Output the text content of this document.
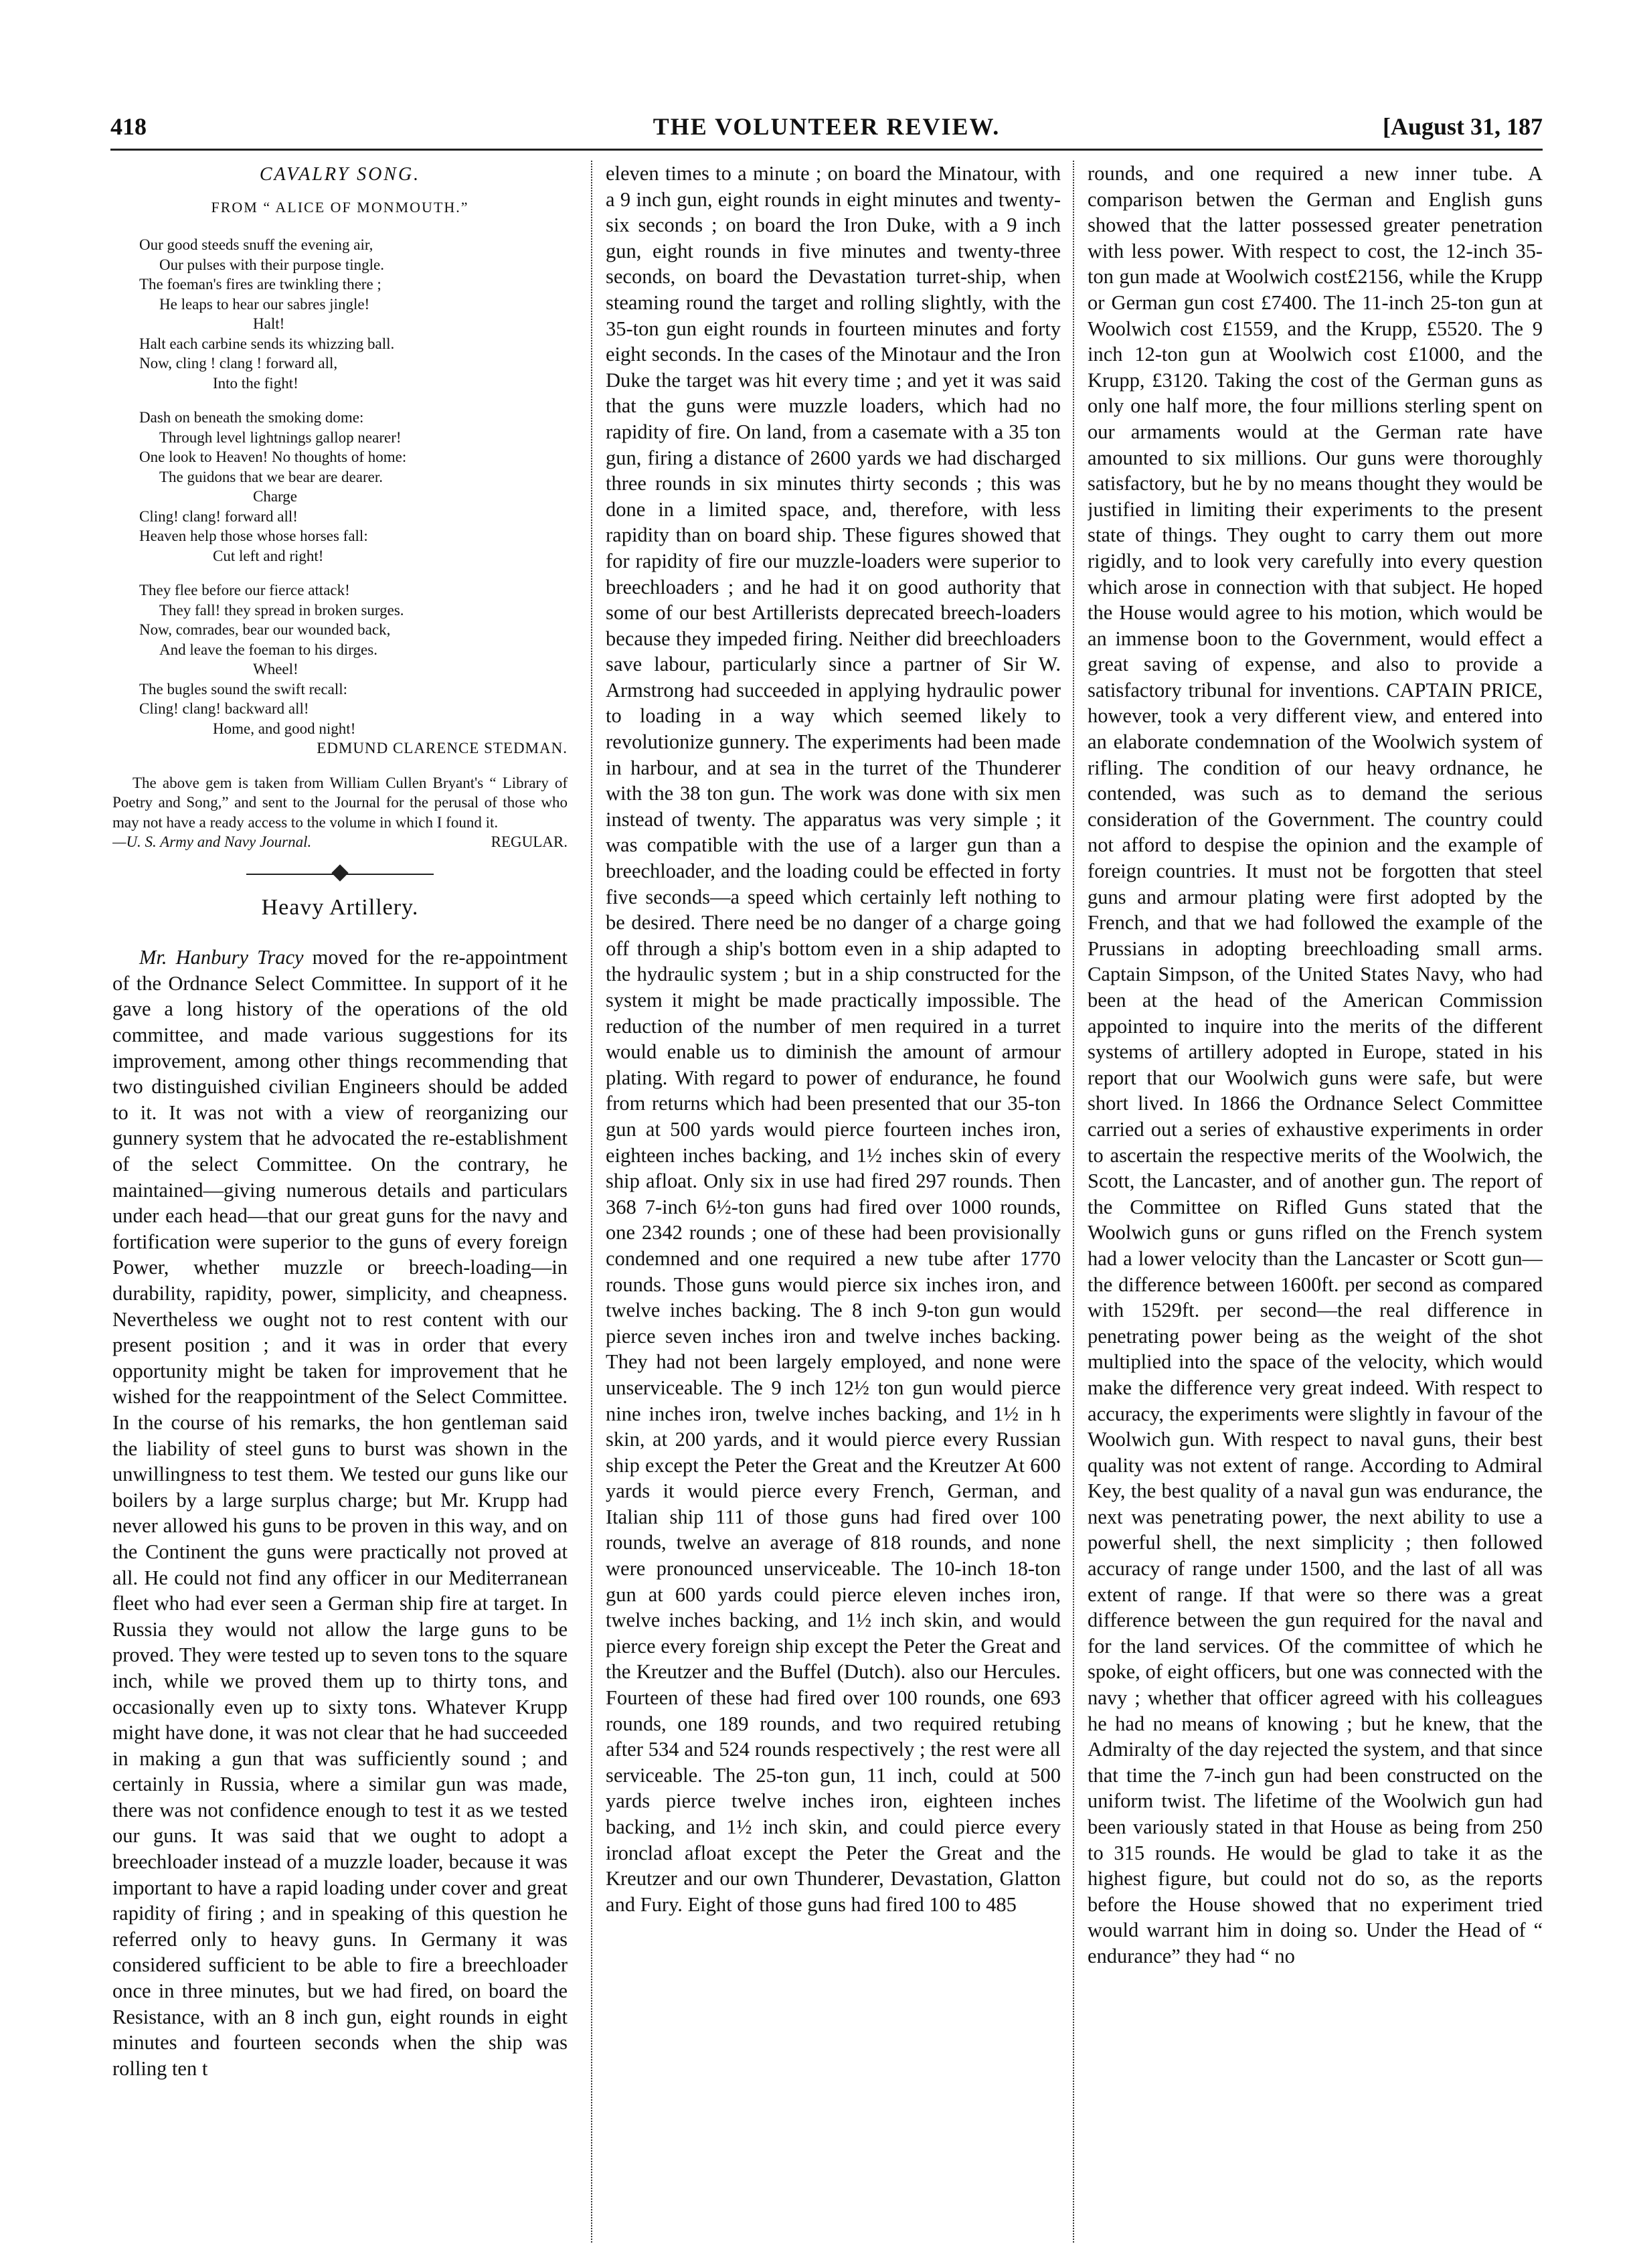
418	THE VOLUNTEER REVIEW.	[August 31, 187
CAVALRY SONG.
FROM “ ALICE OF MONMOUTH.”
Our good steeds snuff the evening air,
Our pulses with their purpose tingle.
The foeman's fires are twinkling there ;
He leaps to hear our sabres jingle!
Halt!
Halt each carbine sends its whizzing ball.
Now, cling ! clang ! forward all,
Into the fight!
Dash on beneath the smoking dome:
Through level lightnings gallop nearer!
One look to Heaven! No thoughts of home:
The guidons that we bear are dearer.
Charge
Cling! clang! forward all!
Heaven help those whose horses fall:
Cut left and right!
They flee before our fierce attack!
They fall! they spread in broken surges.
Now, comrades, bear our wounded back,
And leave the foeman to his dirges.
Wheel!
The bugles sound the swift recall:
Cling! clang! backward all!
Home, and good night!
EDMUND CLARENCE STEDMAN.

The above gem is taken from William Cullen Bryant's “ Library of Poetry and Song,” and sent to the Journal for the perusal of those who may not have a ready access to the volume in which I found it.
REGULAR.

—U. S. Army and Navy Journal.
Heavy Artillery.

Mr. Hanbury Tracy moved for the re-appointment of the Ordnance Select Committee. In support of it he gave a long history of the operations of the old committee, and made various suggestions for its improvement, among other things recommending that two distinguished civilian Engineers should be added to it. It was not with a view of reorganizing our gunnery system that he advocated the re-establishment of the select Committee. On the contrary, he maintained—giving numerous details and particulars under each head—that our great guns for the navy and fortification were superior to the guns of every foreign Power, whether muzzle or breech-loading—in durability, rapidity, power, simplicity, and cheapness. Nevertheless we ought not to rest content with our present position ; and it was in order that every opportunity might be taken for improvement that he wished for the reappointment of the Select Committee. In the course of his remarks, the hon gentleman said the liability of steel guns to burst was shown in the unwillingness to test them. We tested our guns like our boilers by a large surplus charge; but Mr. Krupp had never allowed his guns to be proven in this way, and on the Continent the guns were practically not proved at all. He could not find any officer in our Mediterranean fleet who had ever seen a German ship fire at target. In Russia they would not allow the large guns to be proved. They were tested up to seven tons to the square inch, while we proved them up to thirty tons, and occasionally even up to sixty tons. Whatever Krupp might have done, it was not clear that he had succeeded in making a gun that was sufficiently sound ; and certainly in Russia, where a similar gun was made, there was not confidence enough to test it as we tested our guns. It was said that we ought to adopt a breechloader instead of a muzzle loader, because it was important to have a rapid loading under cover and great rapidity of firing ; and in speaking of this question he referred only to heavy guns. In Germany it was considered sufficient to be able to fire a breechloader once in three minutes, but we had fired, on board the Resistance, with an 8 inch gun, eight rounds in eight minutes and fourteen seconds when the ship was rolling ten t

eleven times to a minute ; on board the Minatour, with a 9 inch gun, eight rounds in eight minutes and twenty-six seconds ; on board the Iron Duke, with a 9 inch gun, eight rounds in five minutes and twenty-three seconds, on board the Devastation turret-ship, when steaming round the target and rolling slightly, with the 35-ton gun eight rounds in fourteen minutes and forty eight seconds. In the cases of the Minotaur and the Iron Duke the target was hit every time ; and yet it was said that the guns were muzzle loaders, which had no rapidity of fire. On land, from a casemate with a 35 ton gun, firing a distance of 2600 yards we had discharged three rounds in six minutes thirty seconds ; this was done in a limited space, and, therefore, with less rapidity than on board ship. These figures showed that for rapidity of fire our muzzle-loaders were superior to breechloaders ; and he had it on good authority that some of our best Artillerists deprecated breech-loaders because they impeded firing. Neither did breechloaders save labour, particularly since a partner of Sir W. Armstrong had succeeded in applying hydraulic power to loading in a way which seemed likely to revolutionize gunnery. The experiments had been made in harbour, and at sea in the turret of the Thunderer with the 38 ton gun. The work was done with six men instead of twenty. The apparatus was very simple ; it was compatible with the use of a larger gun than a breechloader, and the loading could be effected in forty five seconds—a speed which certainly left nothing to be desired. There need be no danger of a charge going off through a ship's bottom even in a ship adapted to the hydraulic system ; but in a ship constructed for the system it might be made practically impossible. The reduction of the number of men required in a turret would enable us to diminish the amount of armour plating. With regard to power of endurance, he found from returns which had been presented that our 35-ton gun at 500 yards would pierce fourteen inches iron, eighteen inches backing, and 1½ inches skin of every ship afloat. Only six in use had fired 297 rounds. Then 368 7-inch 6½-ton guns had fired over 1000 rounds, one 2342 rounds ; one of these had been provisionally condemned and one required a new tube after 1770 rounds. Those guns would pierce six inches iron, and twelve inches backing. The 8 inch 9-ton gun would pierce seven inches iron and twelve inches backing. They had not been largely employed, and none were unserviceable. The 9 inch 12½ ton gun would pierce nine inches iron, twelve inches backing, and 1½ in h skin, at 200 yards, and it would pierce every Russian ship except the Peter the Great and the Kreutzer At 600 yards it would pierce every French, German, and Italian ship 111 of those guns had fired over 100 rounds, twelve an average of 818 rounds, and none were pronounced unserviceable. The 10-inch 18-ton gun at 600 yards could pierce eleven inches iron, twelve inches backing, and 1½ inch skin, and would pierce every foreign ship except the Peter the Great and the Kreutzer and the Buffel (Dutch). also our Hercules. Fourteen of these had fired over 100 rounds, one 693 rounds, one 189 rounds, and two required retubing after 534 and 524 rounds respectively ; the rest were all serviceable. The 25-ton gun, 11 inch, could at 500 yards pierce twelve inches iron, eighteen inches backing, and 1½ inch skin, and could pierce every ironclad afloat except the Peter the Great and the Kreutzer and our own Thunderer, Devastation, Glatton and Fury. Eight of those guns had fired 100 to 485

rounds, and one required a new inner tube. A comparison betwen the German and English guns showed that the latter possessed greater penetration with less power. With respect to cost, the 12-inch 35-ton gun made at Woolwich cost£2156, while the Krupp or German gun cost £7400. The 11-inch 25-ton gun at Woolwich cost £1559, and the Krupp, £5520. The 9 inch 12-ton gun at Woolwich cost £1000, and the Krupp, £3120. Taking the cost of the German guns as only one half more, the four millions sterling spent on our armaments would at the German rate have amounted to six millions. Our guns were thoroughly satisfactory, but he by no means thought they would be justified in limiting their experiments to the present state of things. They ought to carry them out more rigidly, and to look very carefully into every question which arose in connection with that subject. He hoped the House would agree to his motion, which would be an immense boon to the Government, would effect a great saving of expense, and also to provide a satisfactory tribunal for inventions. CAPTAIN PRICE, however, took a very different view, and entered into an elaborate condemnation of the Woolwich system of rifling. The condition of our heavy ordnance, he contended, was such as to demand the serious consideration of the Government. The country could not afford to despise the opinion and the example of foreign countries. It must not be forgotten that steel guns and armour plating were first adopted by the French, and that we had followed the example of the Prussians in adopting breechloading small arms. Captain Simpson, of the United States Navy, who had been at the head of the American Commission appointed to inquire into the merits of the different systems of artillery adopted in Europe, stated in his report that our Woolwich guns were safe, but were short lived. In 1866 the Ordnance Select Committee carried out a series of exhaustive experiments in order to ascertain the respective merits of the Woolwich, the Scott, the Lancaster, and of another gun. The report of the Committee on Rifled Guns stated that the Woolwich guns or guns rifled on the French system had a lower velocity than the Lancaster or Scott gun—the difference between 1600ft. per second as compared with 1529ft. per second—the real difference in penetrating power being as the weight of the shot multiplied into the space of the velocity, which would make the difference very great indeed. With respect to accuracy, the experiments were slightly in favour of the Woolwich gun. With respect to naval guns, their best quality was not extent of range. According to Admiral Key, the best quality of a naval gun was endurance, the next was penetrating power, the next ability to use a powerful shell, the next simplicity ; then followed accuracy of range under 1500, and the last of all was extent of range. If that were so there was a great difference between the gun required for the naval and for the land services. Of the committee of which he spoke, of eight officers, but one was connected with the navy ; whether that officer agreed with his colleagues he had no means of knowing ; but he knew, that the Admiralty of the day rejected the system, and that since that time the 7-inch gun had been constructed on the uniform twist. The lifetime of the Woolwich gun had been variously stated in that House as being from 250 to 315 rounds. He would be glad to take it as the highest figure, but could not do so, as the reports before the House showed that no experiment tried would warrant him in doing so. Under the Head of “ endurance” they had “ no
